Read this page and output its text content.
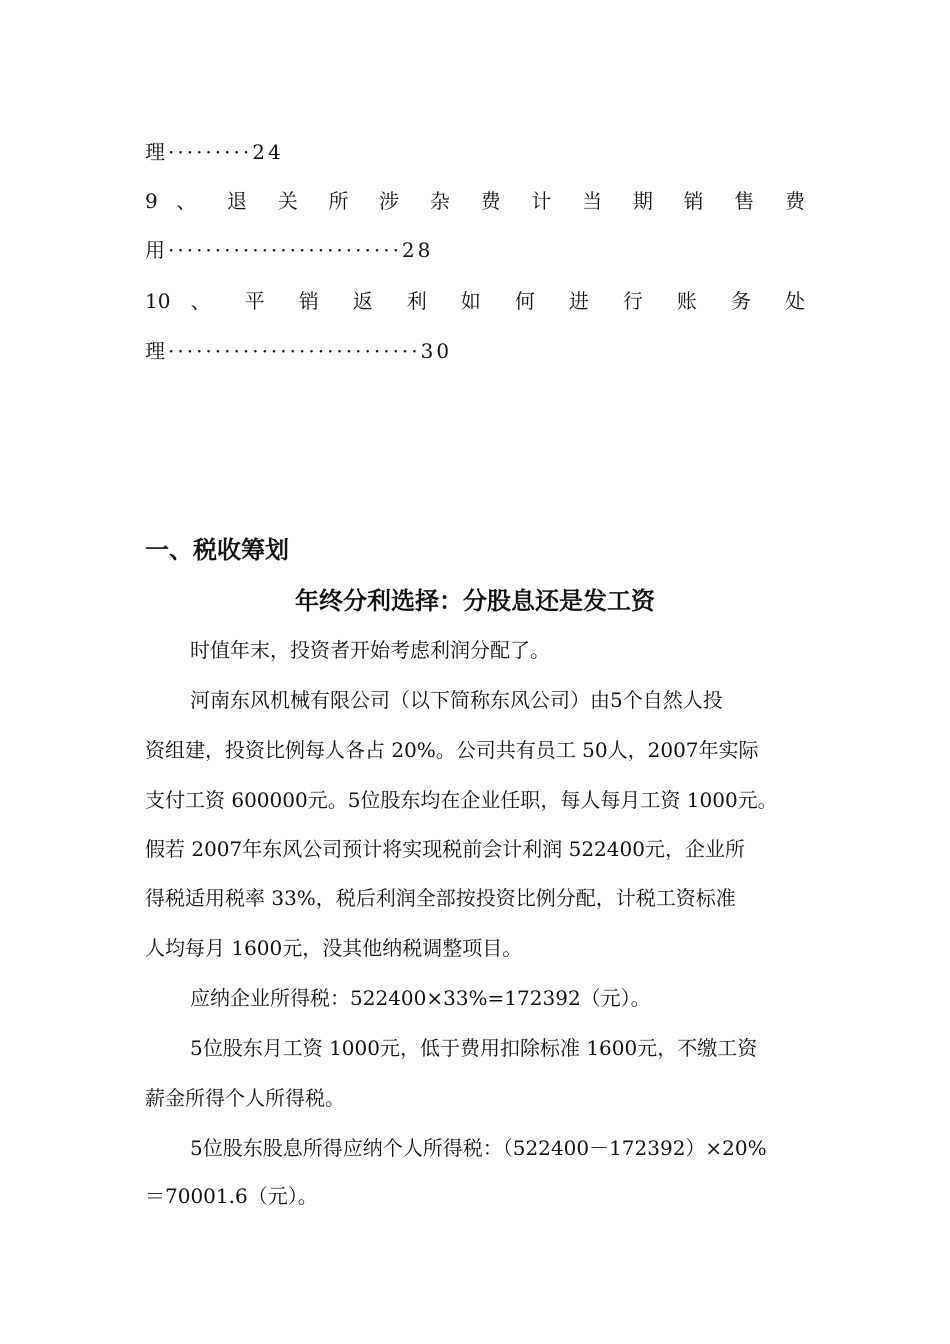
理·········24
9 、 退 关 所 涉 杂 费 计 当 期 销 售 费
用·························28
10 、 平 销 返 利 如 何 进 行 账 务 处
理···························30
一、税收筹划
年终分利选择：分股息还是发工资
时值年末，投资者开始考虑利润分配了。
河南东风机械有限公司（以下简称东风公司）由5个自然人投
资组建，投资比例每人各占 20%。公司共有员工 50人，2007年实际
支付工资 600000元。5位股东均在企业任职，每人每月工资 1000元。
假若 2007年东风公司预计将实现税前会计利润 522400元，企业所
得税适用税率 33%，税后利润全部按投资比例分配，计税工资标准
人均每月 1600元，没其他纳税调整项目。
应纳企业所得税：522400×33%=172392（元）。
5位股东月工资 1000元，低于费用扣除标准 1600元，不缴工资
薪金所得个人所得税。
5位股东股息所得应纳个人所得税：（522400－172392）×20%
＝70001.6（元）。
